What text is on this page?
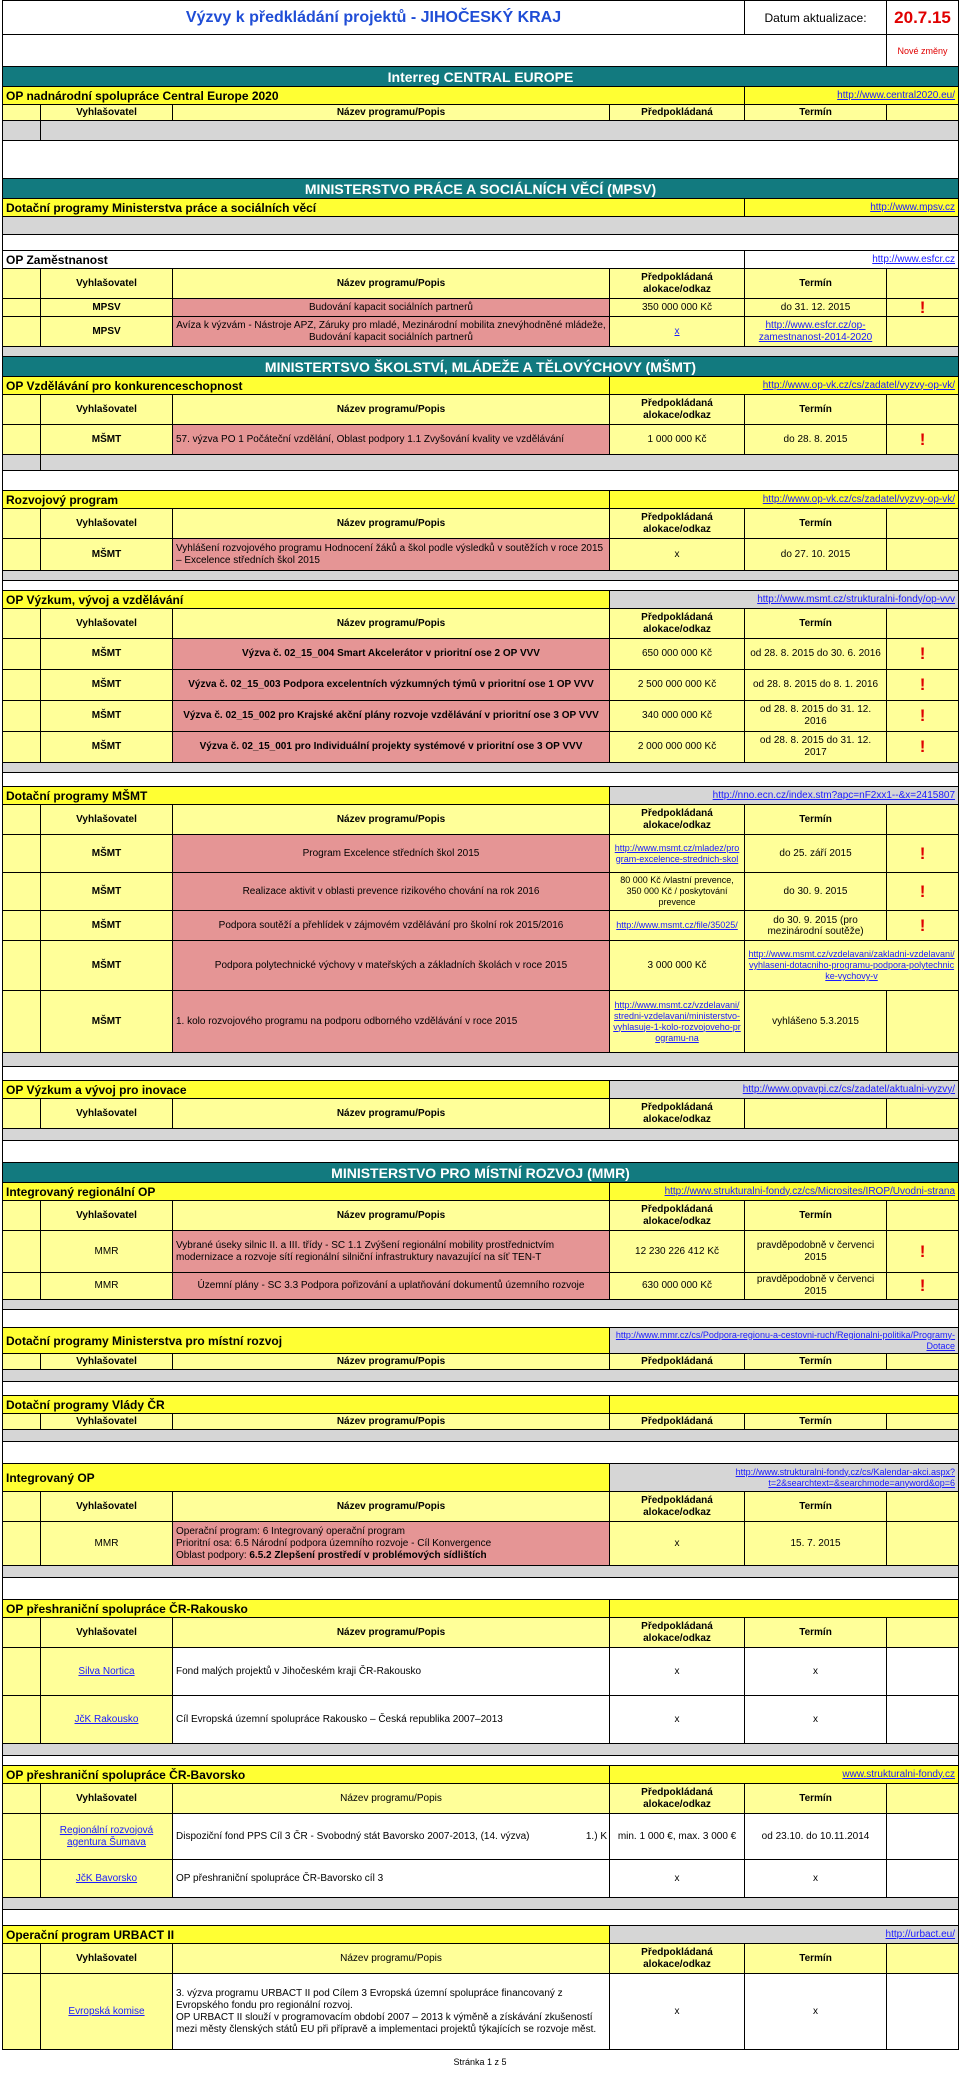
Výzvy k předkládání projektů - JIHOČESKÝ KRAJ				Datum aktualizace:	20.7.15

					Nové změny
Interreg CENTRAL EUROPE					
OP nadnárodní spolupráce Central Europe 2020				http://www.central2020.eu/	
	Vyhlašovatel	Název programu/Popis	Předpokládaná	Termín	

MINISTERSTVO PRÁCE A SOCIÁLNÍCH VĚCÍ (MPSV)					
Dotační programy Ministerstva práce a sociálních věcí				http://www.mpsv.cz	

OP Zaměstnanost				http://www.esfcr.cz	
	Vyhlašovatel	Název programu/Popis	Předpokládaná alokace/odkaz	Termín	
	MPSV	Budování kapacit sociálních partnerů	350 000 000 Kč	do 31. 12. 2015	!
	MPSV	Avíza k výzvám - Nástroje APZ, Záruky pro mladé, Mezinárodní mobilita znevýhodněné mládeže, Budování kapacit sociálních partnerů	x	http://www.esfcr.cz/op-zamestnanost-2014-2020	

MINISTERTSVO ŠKOLSTVÍ, MLÁDEŽE A TĚLOVÝCHOVY (MŠMT)					
OP Vzdělávání pro konkurenceschopnost			http://www.op-vk.cz/cs/zadatel/vyzvy-op-vk/		
	Vyhlašovatel	Název programu/Popis	Předpokládaná alokace/odkaz	Termín	
	MŠMT	57. výzva PO 1 Počáteční vzdělání, Oblast podpory 1.1 Zvyšování kvality ve vzdělávání	1 000 000 Kč	do 28. 8. 2015	!

Rozvojový program			http://www.op-vk.cz/cs/zadatel/vyzvy-op-vk/		
	Vyhlašovatel	Název programu/Popis	Předpokládaná alokace/odkaz	Termín	
	MŠMT	Vyhlášení rozvojového programu Hodnocení žáků a škol podle výsledků v soutěžích v roce 2015 – Excelence středních škol 2015	x	do 27. 10. 2015	

OP Výzkum, vývoj a vzdělávání			http://www.msmt.cz/strukturalni-fondy/op-vvv		
	Vyhlašovatel	Název programu/Popis	Předpokládaná alokace/odkaz	Termín	
	MŠMT	Výzva č. 02_15_004 Smart Akcelerátor v prioritní ose 2 OP VVV	650 000 000 Kč	od 28. 8. 2015 do 30. 6. 2016	!
	MŠMT	Výzva č. 02_15_003 Podpora excelentních výzkumných týmů v prioritní ose 1 OP VVV	2 500 000 000 Kč	od 28. 8. 2015 do 8. 1. 2016	!
	MŠMT	Výzva č. 02_15_002 pro Krajské akční plány rozvoje vzdělávání v prioritní ose 3 OP VVV	340 000 000 Kč	od 28. 8. 2015 do 31. 12. 2016	!
	MŠMT	Výzva č. 02_15_001 pro Individuální projekty systémové v prioritní ose 3 OP VVV	2 000 000 000 Kč	od 28. 8. 2015 do 31. 12. 2017	!

Dotační programy MŠMT			http://nno.ecn.cz/index.stm?apc=nF2xx1--&x=2415807		
	Vyhlašovatel	Název programu/Popis	Předpokládaná alokace/odkaz	Termín	
	MŠMT	Program Excelence středních škol 2015	http://www.msmt.cz/mladez/program-excelence-strednich-skol	do 25. září 2015	!
	MŠMT	Realizace aktivit v oblasti prevence rizikového chování na rok 2016	80 000 Kč /vlastní prevence, 350 000 Kč / poskytování prevence	do 30. 9. 2015	!
	MŠMT	Podpora soutěží a přehlídek v zájmovém vzdělávání pro školní rok 2015/2016	http://www.msmt.cz/file/35025/	do 30. 9. 2015 (pro mezinárodní soutěže)	!
	MŠMT	Podpora polytechnické výchovy v mateřských a základních školách v roce 2015	3 000 000 Kč	http://www.msmt.cz/vzdelavani/zakladni-vzdelavani/vyhlaseni-dotacniho-programu-podpora-polytechnicke-vychovy-v	
	MŠMT	1. kolo rozvojového programu na podporu odborného vzdělávání v roce 2015	http://www.msmt.cz/vzdelavani/stredni-vzdelavani/ministerstvo-vyhlasuje-1-kolo-rozvojoveho-programu-na	vyhlášeno 5.3.2015	

OP Výzkum a vývoj pro inovace			http://www.opvavpi.cz/cs/zadatel/aktualni-vyzvy/		
	Vyhlašovatel	Název programu/Popis	Předpokládaná alokace/odkaz		

MINISTERSTVO PRO MÍSTNÍ ROZVOJ (MMR)					
Integrovaný regionální OP			http://www.strukturalni-fondy.cz/cs/Microsites/IROP/Uvodni-strana		
	Vyhlašovatel	Název programu/Popis	Předpokládaná alokace/odkaz	Termín	
	MMR	Vybrané úseky silnic II. a III. třídy - SC 1.1 Zvýšení regionální mobility prostřednictvím modernizace a rozvoje sítí regionální silniční infrastruktury navazující na síť TEN-T	12 230 226 412 Kč	pravděpodobně v červenci 2015	!
	MMR	Územní plány - SC 3.3 Podpora pořizování a uplatňování dokumentů územního rozvoje	630 000 000 Kč	pravděpodobně v červenci 2015	!

Dotační programy Ministerstva pro místní rozvoj			http://www.mmr.cz/cs/Podpora-regionu-a-cestovni-ruch/Regionalni-politika/Programy-Dotace		
	Vyhlašovatel	Název programu/Popis	Předpokládaná	Termín	

Dotační programy Vlády ČR					
	Vyhlašovatel	Název programu/Popis	Předpokládaná	Termín	

Integrovaný OP			http://www.strukturalni-fondy.cz/cs/Kalendar-akci.aspx?t=2&searchtext=&searchmode=anyword&op=6		
	Vyhlašovatel	Název programu/Popis	Předpokládaná alokace/odkaz	Termín	
	MMR	Operační program: 6 Integrovaný operační program
Prioritní osa: 6.5 Národní podpora územního rozvoje - Cíl Konvergence
Oblast podpory: 6.5.2 Zlepšení prostředí v problémových sídlištích	x	15. 7. 2015	

OP přeshraniční spolupráce ČR-Rakousko					
	Vyhlašovatel	Název programu/Popis	Předpokládaná alokace/odkaz	Termín	
	Silva Nortica	Fond malých projektů v Jihočeském kraji ČR-Rakousko	x	x	
	JčK Rakousko	Cíl Evropská územní spolupráce Rakousko – Česká republika 2007–2013	x	x	

OP přeshraniční spolupráce ČR-Bavorsko			www.strukturalni-fondy.cz		
	Vyhlašovatel	Název programu/Popis	Předpokládaná alokace/odkaz	Termín	
	Regionální rozvojová agentura Šumava	Dispoziční fond PPS Cíl 3 ČR - Svobodný stát Bavorsko 2007-2013, (14. výzva) 1.) K	min. 1 000 €, max. 3 000 €	od 23.10. do 10.11.2014	
	JčK Bavorsko	OP přeshraniční spolupráce ČR-Bavorsko cíl 3	x	x	

Operační program URBACT II			http://urbact.eu/		
	Vyhlašovatel	Název programu/Popis	Předpokládaná alokace/odkaz	Termín	
	Evropská komise	3. výzva programu URBACT II pod Cílem 3 Evropská územní spolupráce financovaný z Evropského fondu pro regionální rozvoj.
OP URBACT II slouží v programovacím období 2007 – 2013 k výměně a získávání zkušeností mezi městy členských států EU při přípravě a implementaci projektů týkajících se rozvoje měst.	x	x	
Stránka 1 z 5
